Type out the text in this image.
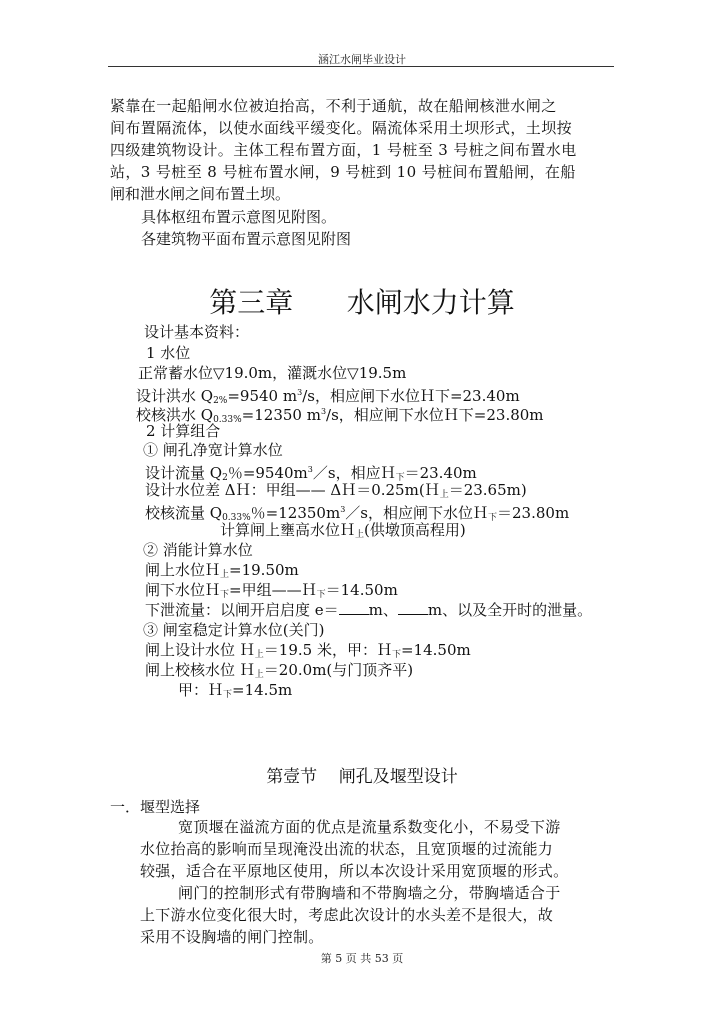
涵江水闸毕业设计
紧靠在一起船闸水位被迫抬高，不利于通航，故在船闸核泄水闸之
间布置隔流体，以使水面线平缓变化。隔流体采用土坝形式，土坝按
四级建筑物设计。主体工程布置方面，1 号桩至 3 号桩之间布置水电
站，3 号桩至 8 号桩布置水闸，9 号桩到 10 号桩间布置船闸，在船
闸和泄水闸之间布置土坝。
具体枢纽布置示意图见附图。
各建筑物平面布置示意图见附图
第三章      水闸水力计算
设计基本资料：
1 水位
正常蓄水位▽19.0m，灌溉水位▽19.5m
设计洪水 $Q_{2\%}=9540$ $m^3/s$，相应闸下水位Ｈ下=23.40m
校核洪水 $Q_{0.33\%}=12350$ $m^3/s$，相应闸下水位Ｈ下=23.80m
2 计算组合
① 闸孔净宽计算水位
设计流量 $Q_2$％$=9540m^3/s$，相应Ｈ$_下$＝23.40m
设计水位差 ΔＨ：甲组—— ΔＨ＝0.25m(Ｈ$_上$＝23.65m)
校核流量 $Q_{0.33\%}$％$=12350m^3/s$，相应闸下水位Ｈ$_下$＝23.80m
计算闸上壅高水位Ｈ$_上$(供墩顶高程用)
② 消能计算水位
闸上水位Ｈ$_上$=19.50m
闸下水位Ｈ$_下$=甲组——Ｈ$_下$＝14.50m
下泄流量：以闸开启启度 e＝ m、 m、以及全开时的泄量。
③ 闸室稳定计算水位(关门)
闸上设计水位 Ｈ$_上$＝19.5 米，甲：Ｈ$_下$=14.50m
闸上校核水位 Ｈ$_上$＝20.0m(与门顶齐平)
甲：Ｈ$_下$=14.5m
第壹节    闸孔及堰型设计
一．堰型选择
宽顶堰在溢流方面的优点是流量系数变化小，不易受下游
水位抬高的影响而呈现淹没出流的状态，且宽顶堰的过流能力
较强，适合在平原地区使用，所以本次设计采用宽顶堰的形式。
闸门的控制形式有带胸墙和不带胸墙之分，带胸墙适合于
上下游水位变化很大时，考虑此次设计的水头差不是很大，故
采用不设胸墙的闸门控制。
第 5 页 共 53 页
